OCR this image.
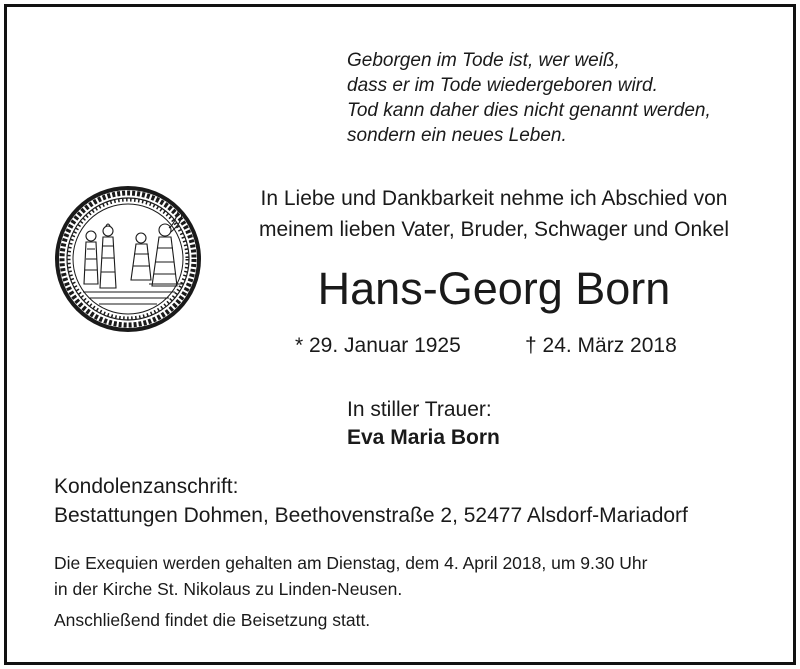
Geborgen im Tode ist, wer weiß,
dass er im Tode wiedergeboren wird.
Tod kann daher dies nicht genannt werden,
sondern ein neues Leben.
In Liebe und Dankbarkeit nehme ich Abschied von
meinem lieben Vater, Bruder, Schwager und Onkel
Hans-Georg Born
* 29. Januar 1925	† 24. März 2018
In stiller Trauer:
Eva Maria Born
Kondolenzanschrift:
Bestattungen Dohmen, Beethovenstraße 2, 52477 Alsdorf-Mariadorf
Die Exequien werden gehalten am Dienstag, dem 4. April 2018, um 9.30 Uhr
in der Kirche St. Nikolaus zu Linden-Neusen.
Anschließend findet die Beisetzung statt.
